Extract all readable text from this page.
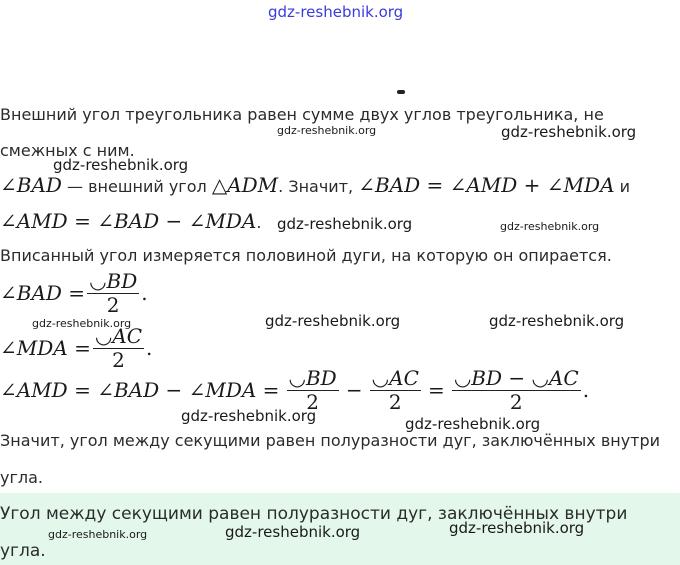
gdz-reshebnik.org
Внешний угол треугольника равен сумме двух углов треугольника, не
смежных с ним.
∠BAD — внешний угол △ADM. Значит, ∠BAD = ∠AMD + ∠MDA и
∠AMD = ∠BAD − ∠MDA.
Вписанный угол измеряется половиной дуги, на которую он опирается.
∠BAD = $\frac{◡BD}{2}$ .
∠MDA = $\frac{◡AC}{2}$ .
∠AMD = ∠BAD − ∠MDA = $\frac{◡BD}{2} - \frac{◡AC}{2} = \frac{◡BD - ◡AC}{2}$ .
Значит, угол между секущими равен полуразности дуг, заключённых внутри
угла.
Угол между секущими равен полуразности дуг, заключённых внутри
угла.
gdz-reshebnik.org	gdz-reshebnik.org
gdz-reshebnik.org
gdz-reshebnik.org	gdz-reshebnik.org
gdz-reshebnik.org	gdz-reshebnik.org	gdz-reshebnik.org
gdz-reshebnik.org	gdz-reshebnik.org
gdz-reshebnik.org	gdz-reshebnik.org	gdz-reshebnik.org
